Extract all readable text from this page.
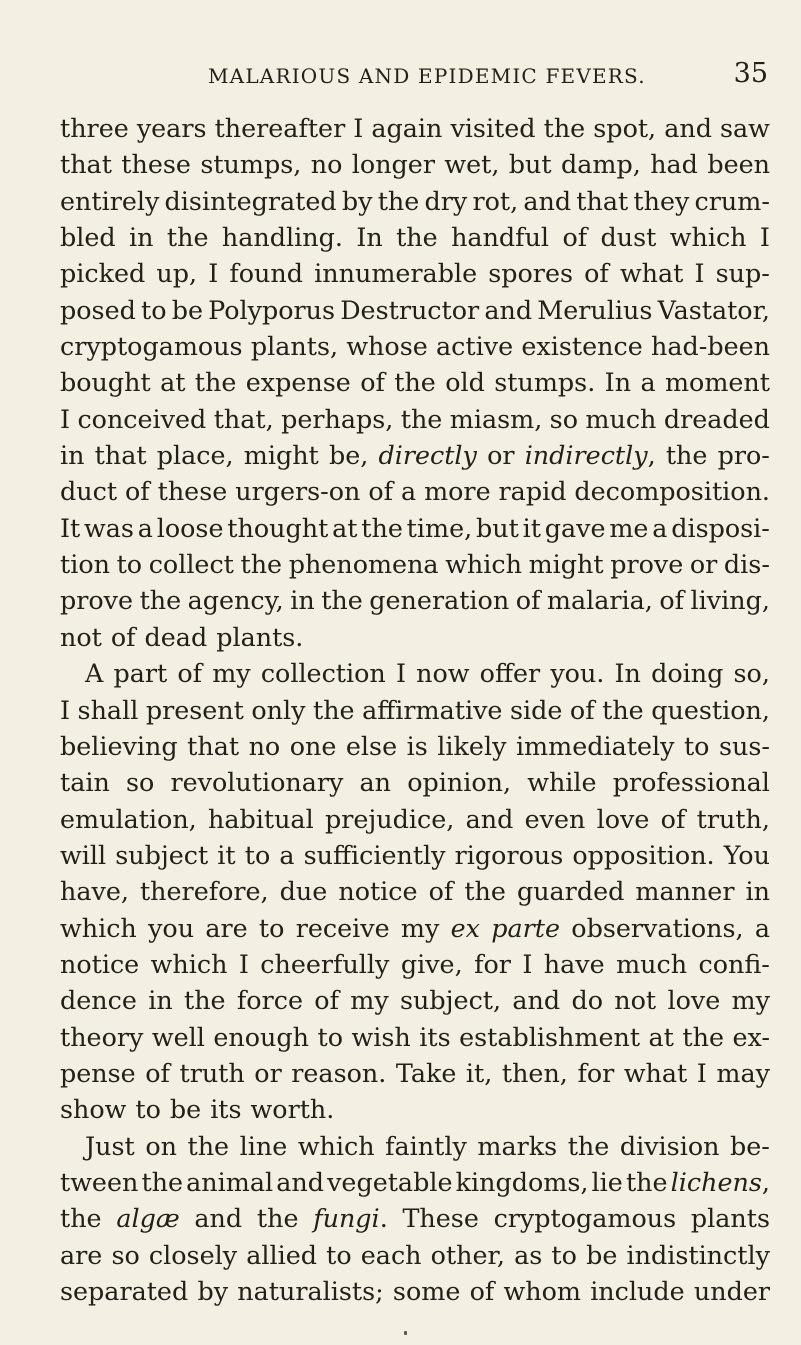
MALARIOUS AND EPIDEMIC FEVERS.	35
three years thereafter I again visited the spot, and saw
that these stumps, no longer wet, but damp, had been
entirely disintegrated by the dry rot, and that they crum-
bled in the handling. In the handful of dust which I
picked up, I found innumerable spores of what I sup-
posed to be Polyporus Destructor and Merulius Vastator,
cryptogamous plants, whose active existence had-been
bought at the expense of the old stumps. In a moment
I conceived that, perhaps, the miasm, so much dreaded
in that place, might be, directly or indirectly, the pro-
duct of these urgers-on of a more rapid decomposition.
It was a loose thought at the time, but it gave me a disposi-
tion to collect the phenomena which might prove or dis-
prove the agency, in the generation of malaria, of living,
not of dead plants.
A part of my collection I now offer you. In doing so,
I shall present only the affirmative side of the question,
believing that no one else is likely immediately to sus-
tain so revolutionary an opinion, while professional
emulation, habitual prejudice, and even love of truth,
will subject it to a sufficiently rigorous opposition. You
have, therefore, due notice of the guarded manner in
which you are to receive my ex parte observations, a
notice which I cheerfully give, for I have much confi-
dence in the force of my subject, and do not love my
theory well enough to wish its establishment at the ex-
pense of truth or reason. Take it, then, for what I may
show to be its worth.
Just on the line which faintly marks the division be-
tween the animal and vegetable kingdoms, lie the lichens,
the algæ and the fungi. These cryptogamous plants
are so closely allied to each other, as to be indistinctly
separated by naturalists; some of whom include under
